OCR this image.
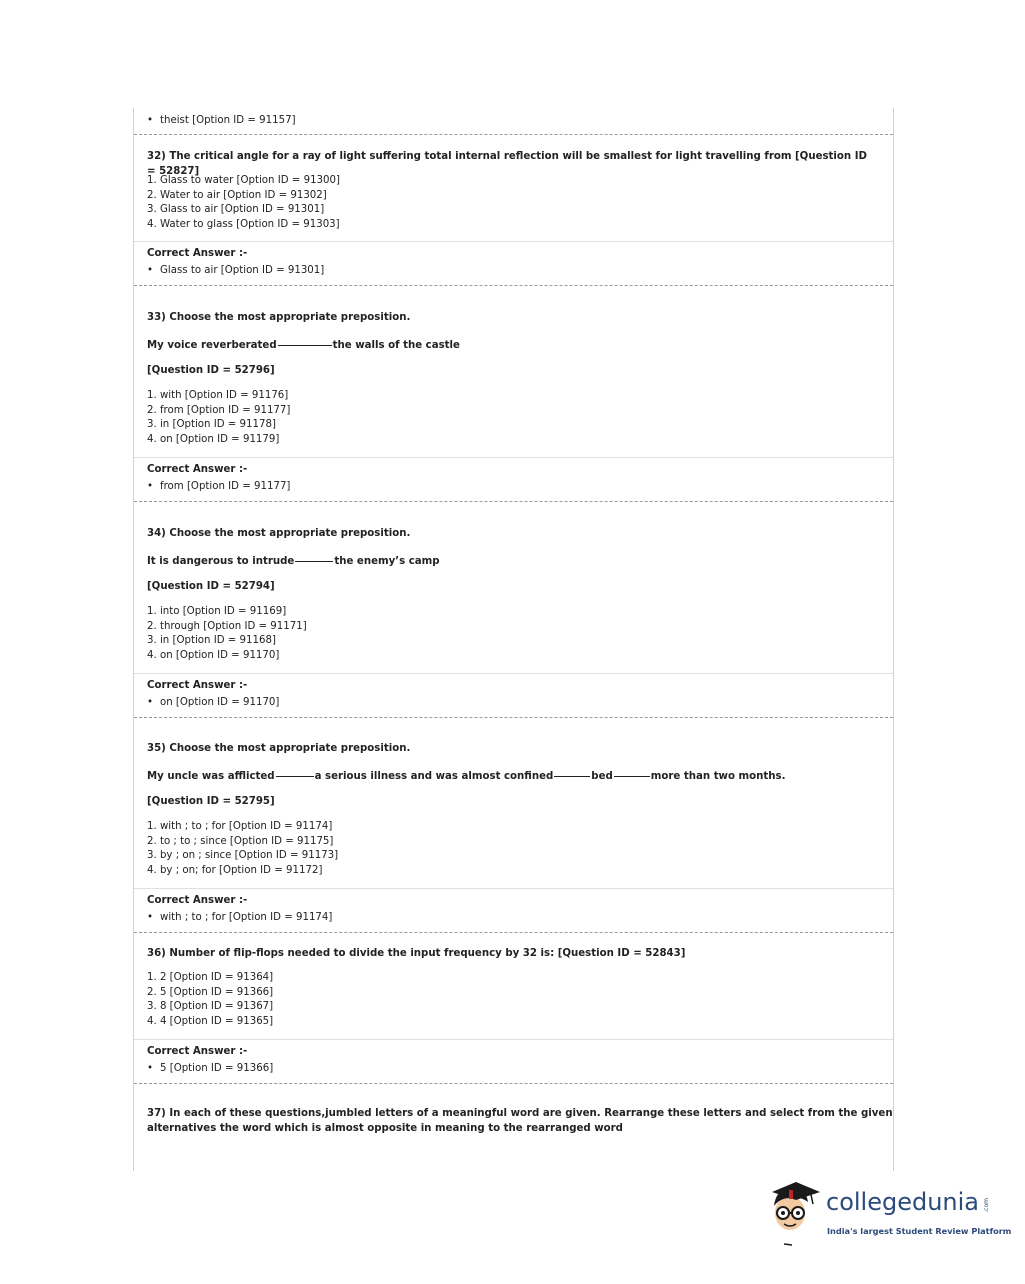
• theist [Option ID = 91157]
32) The critical angle for a ray of light suffering total internal reflection will be smallest for light travelling from [Question ID = 52827]
1. Glass to water [Option ID = 91300]
2. Water to air [Option ID = 91302]
3. Glass to air [Option ID = 91301]
4. Water to glass [Option ID = 91303]
Correct Answer :-
• Glass to air [Option ID = 91301]
33) Choose the most appropriate preposition.
My voice reverberated	the walls of the castle
[Question ID = 52796]
1. with [Option ID = 91176]
2. from [Option ID = 91177]
3. in [Option ID = 91178]
4. on [Option ID = 91179]
Correct Answer :-
• from [Option ID = 91177]
34) Choose the most appropriate preposition.
It is dangerous to intrude	the enemy’s camp
[Question ID = 52794]
1. into [Option ID = 91169]
2. through [Option ID = 91171]
3. in [Option ID = 91168]
4. on [Option ID = 91170]
Correct Answer :-
• on [Option ID = 91170]
35) Choose the most appropriate preposition.
My uncle was afflicted	a serious illness and was almost confined	bed	more than two months.
[Question ID = 52795]
1. with ; to ; for [Option ID = 91174]
2. to ; to ; since [Option ID = 91175]
3. by ; on ; since [Option ID = 91173]
4. by ; on; for [Option ID = 91172]
Correct Answer :-
• with ; to ; for [Option ID = 91174]
36) Number of flip-flops needed to divide the input frequency by 32 is: [Question ID = 52843]
1. 2 [Option ID = 91364]
2. 5 [Option ID = 91366]
3. 8 [Option ID = 91367]
4. 4 [Option ID = 91365]
Correct Answer :-
• 5 [Option ID = 91366]
37) In each of these questions,jumbled letters of a meaningful word are given. Rearrange these letters and select from the given
alternatives the word which is almost opposite in meaning to the rearranged word
collegedunia .com
India's largest Student Review Platform
